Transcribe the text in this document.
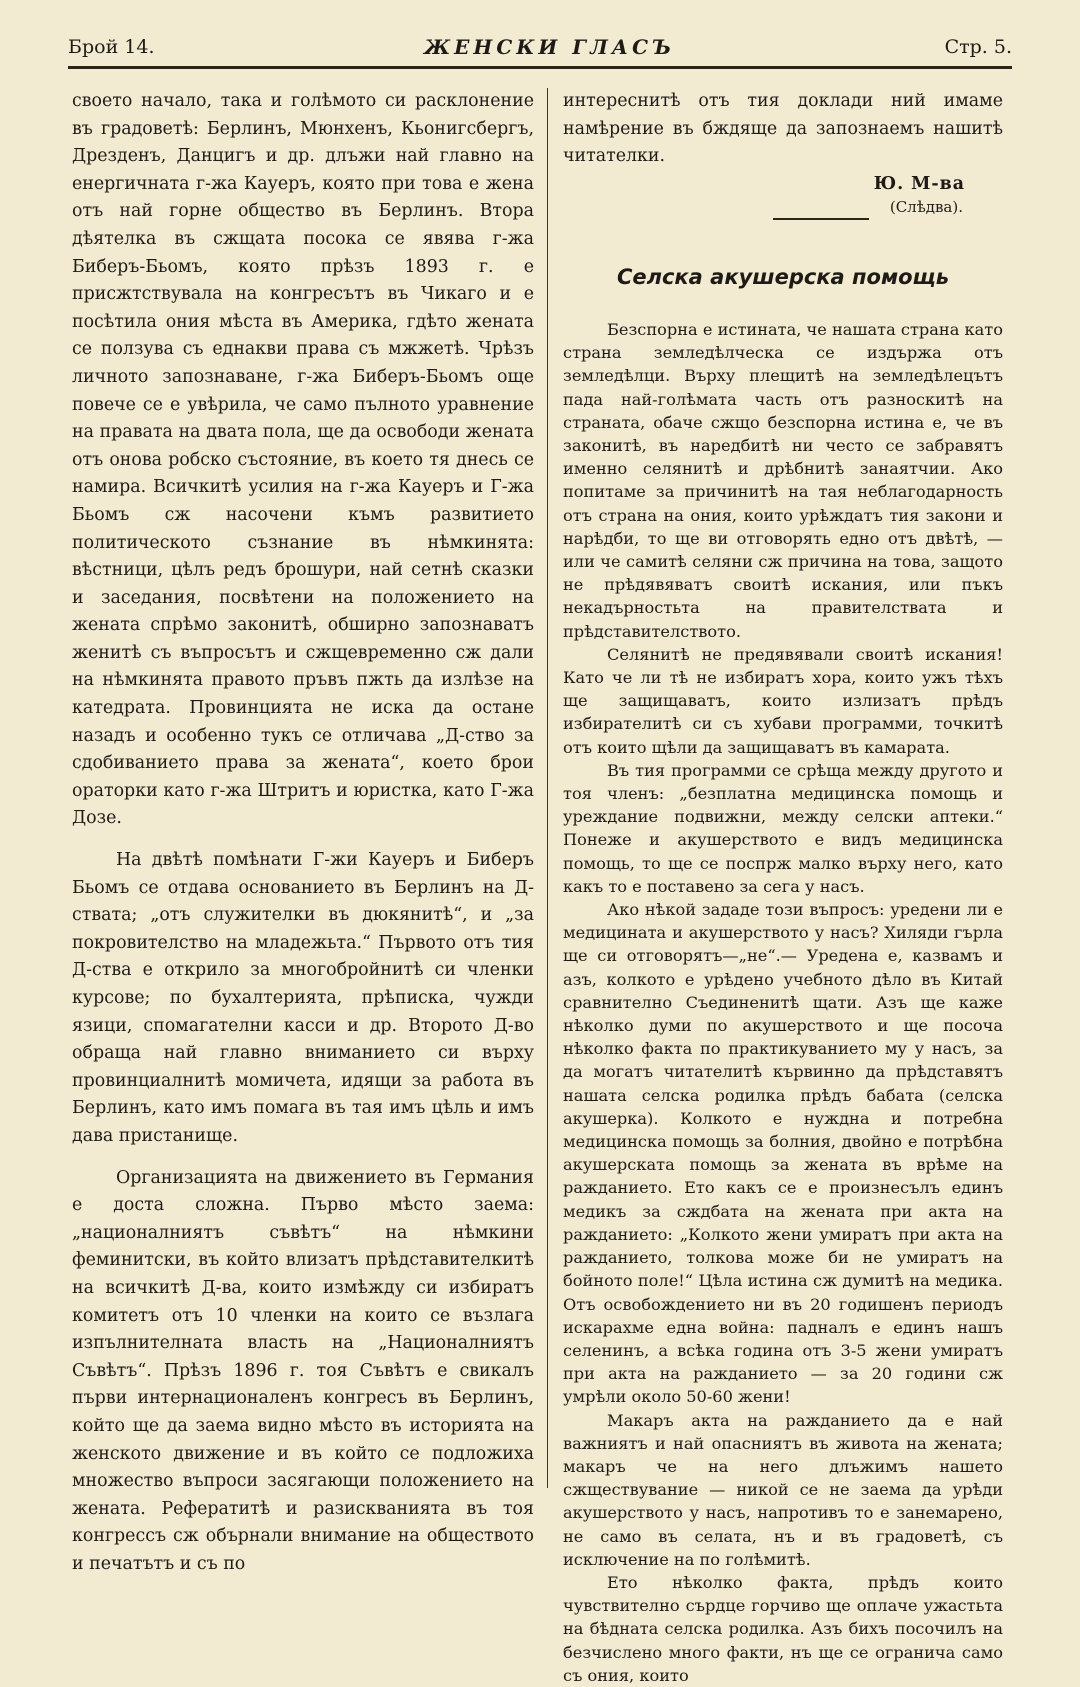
Брой 14.	ЖЕНСКИ ГЛАСЪ	Стр. 5.

своето начало, така и голѣмото си расклонение въ градоветѣ: Берлинъ, Мюнхенъ, Кьонигсбергъ, Дрезденъ, Данцигъ и др. длъжи най главно на енергичната г-жа Кауеръ, която при това е жена отъ най горне общество въ Берлинъ. Втора дѣятелка въ сжщата посока се явява г-жа Биберъ-Бьомъ, която прѣзъ 1893 г. е присжтствувала на конгресътъ въ Чикаго и е посѣтила ония мѣста въ Америка, гдѣто жената се ползува съ еднакви права съ мжжетѣ. Чрѣзъ личното запознаване, г-жа Биберъ-Бьомъ още повече се е увѣрила, че само пълното уравнение на правата на двата пола, ще да освободи жената отъ онова робско състояние, въ което тя днесь се намира. Всичкитѣ усилия на г-жа Кауеръ и Г-жа Бьомъ сж насочени къмъ развитието политическото съзнание въ нѣмкинята: вѣстници, цѣлъ редъ брошури, най сетнѣ сказки и заседания, посвѣтени на положението на жената спрѣмо законитѣ, обширно запознаватъ женитѣ съ въпросътъ и сжщевременно сж дали на нѣмкинята правото пръвъ пжть да излѣзе на катедрата. Провинцията не иска да остане назадъ и особенно тукъ се отличава „Д-ство за сдобиванието права за жената“, което брои ораторки като г-жа Штритъ и юристка, като Г-жа Дозе.

На двѣтѣ помѣнати Г-жи Кауеръ и Биберъ Бьомъ се отдава основанието въ Берлинъ на Д-ствата; „отъ служителки въ дюкянитѣ“, и „за покровителство на младежьта.“ Първото отъ тия Д-ства е открило за многобройнитѣ си членки курсове; по бухалтерията, прѣписка, чужди язици, спомагателни касси и др. Второто Д-во обраща най главно вниманието си върху провинциалнитѣ момичета, идящи за работа въ Берлинъ, като имъ помага въ тая имъ цѣль и имъ дава пристанище.

Организацията на движението въ Германия е доста сложна. Първо мѣсто заема: „националниятъ съвѣтъ“ на нѣмкини феминитски, въ който влизатъ прѣдставителкитѣ на всичкитѣ Д-ва, които измѣжду си избиратъ комитетъ отъ 10 членки на които се възлага изпълнителната власть на „Националниятъ Съвѣтъ“. Прѣзъ 1896 г. тоя Съвѣтъ е свикалъ първи интернационаленъ конгресъ въ Берлинъ, който ще да заема видно мѣсто въ историята на женското движение и въ който се подложиха множество въпроси засягающи положението на жената. Рефератитѣ и разискванията въ тоя конгрессъ сж обърнали внимание на обществото и печатътъ и съ по

интереснитѣ отъ тия доклади ний имаме намѣрение въ бждяще да запознаемъ нашитѣ читателки.

Ю. М-ва
(Слѣдва).

Селска акушерска помощь

Безспорна е истината, че нашата страна като страна земледѣлческа се издържа отъ земледѣлци. Върху плещитѣ на земледѣлецътъ пада най-голѣмата часть отъ разноскитѣ на страната, обаче сжщо безспорна истина е, че въ законитѣ, въ наредбитѣ ни често се забравятъ именно селянитѣ и дрѣбнитѣ занаятчии. Ако попитаме за причинитѣ на тая неблагодарность отъ страна на ония, които урѣждатъ тия закони и нарѣдби, то ще ви отговорять едно отъ двѣтѣ, — или че самитѣ селяни сж причина на това, защото не прѣдявяватъ своитѣ искания, или пъкъ некадърностьта на правителствата и прѣдставителството.

Селянитѣ не предявявали своитѣ искания! Като че ли тѣ не избиратъ хора, които ужъ тѣхъ ще защищаватъ, които излизатъ прѣдъ избирателитѣ си съ хубави программи, точкитѣ отъ които щѣли да защищаватъ въ камарата.

Въ тия программи се срѣща между другото и тоя членъ: „безплатна медицинска помощь и уреждание подвижни, между селски аптеки.“ Понеже и акушерството е видъ медицинска помощь, то ще се поспрж малко върху него, като какъ то е поставено за сега у насъ.

Ако нѣкой зададе този въпросъ: уредени ли е медицината и акушерството у насъ? Хиляди гърла ще си отговорятъ—„не“.— Уредена е, казвамъ и азъ, колкото е урѣдено учебното дѣло въ Китай сравнително Съединенитѣ щати. Азъ ще каже нѣколко думи по акушерството и ще посоча нѣколко факта по практикуванието му у насъ, за да могатъ читателитѣ кървинно да прѣдставятъ нашата селска родилка прѣдъ бабата (селска акушерка). Колкото е нуждна и потребна медицинска помощь за болния, двойно е потрѣбна акушерската помощь за жената въ врѣме на ражданието. Ето какъ се е произнесълъ единъ медикъ за сждбата на жената при акта на ражданието: „Колкото жени умиратъ при акта на ражданието, толкова може би не умиратъ на бойното поле!“ Цѣла истина сж думитѣ на медика. Отъ освобождението ни въ 20 годишенъ периодъ искарахме една война: падналъ е единъ нашъ селенинъ, а всѣка година отъ 3-5 жени умиратъ при акта на ражданието — за 20 години сж умрѣли около 50-60 жени!

Макаръ акта на ражданието да е най важниятъ и най опасниятъ въ живота на жената; макаръ че на него длъжимъ нашето сжществувание — никой се не заема да урѣди акушерството у насъ, напротивъ то е занемарено, не само въ селата, нъ и въ градоветѣ, съ исключение на по голѣмитѣ.

Ето нѣколко факта, прѣдъ които чувствително сърдце горчиво ще оплаче ужастьта на бѣдната селска родилка. Азъ бихъ посочилъ на безчислено много факти, нъ ще се ограничa само съ ония, които
